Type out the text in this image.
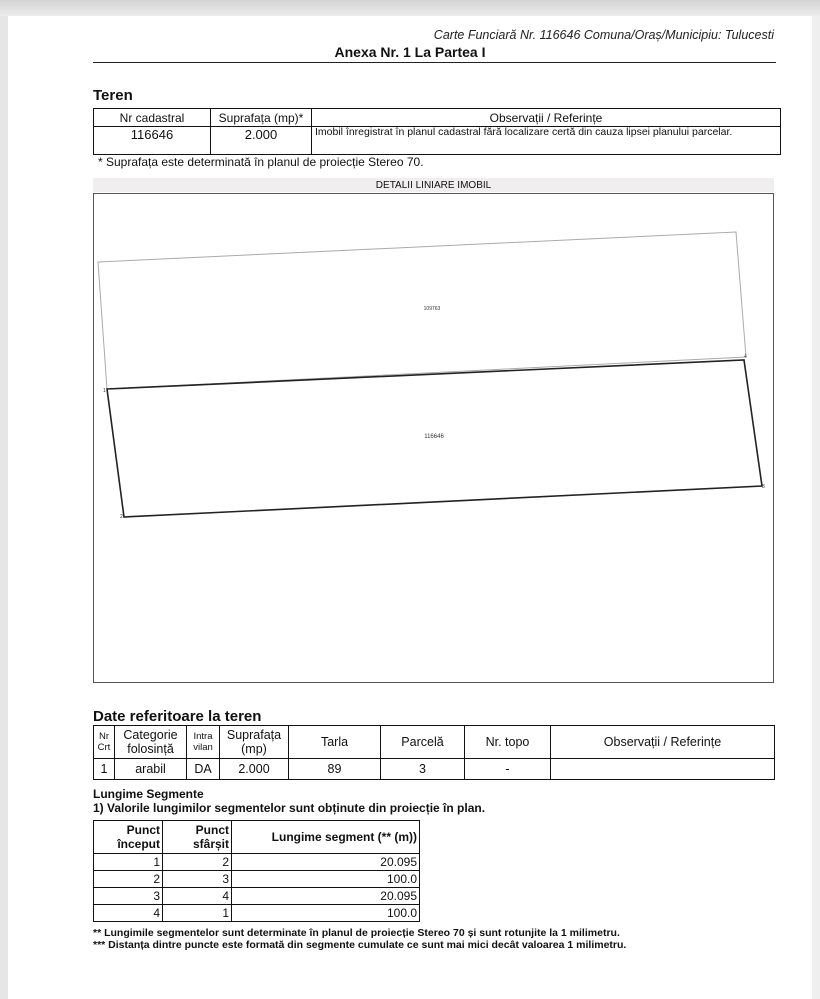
Carte Funciară Nr. 116646 Comuna/Oraș/Municipiu: Tulucesti
Anexa Nr. 1 La Partea I
Teren
Nr cadastral	Suprafața (mp)*	Observații / Referințe
116646	2.000	Imobil înregistrat în planul cadastral fără localizare certă din cauza lipsei planului parcelar.
* Suprafața este determinată în planul de proiecție Stereo 70.
DETALII LINIARE IMOBIL
109763
116646
1
2
3
4
Date referitoare la teren
Nr Crt	Categorie folosință	Intra vilan	Suprafața (mp)	Tarla	Parcelă	Nr. topo	Observații / Referințe
1	arabil	DA	2.000	89	3	-	
Lungime Segmente
1) Valorile lungimilor segmentelor sunt obținute din proiecție în plan.
Punct început	Punct sfârșit	Lungime segment (** (m))
1	2	20.095
2	3	100.0
3	4	20.095
4	1	100.0
** Lungimile segmentelor sunt determinate în planul de proiecție Stereo 70 și sunt rotunjite la 1 milimetru.
*** Distanța dintre puncte este formată din segmente cumulate ce sunt mai mici decât valoarea 1 milimetru.
